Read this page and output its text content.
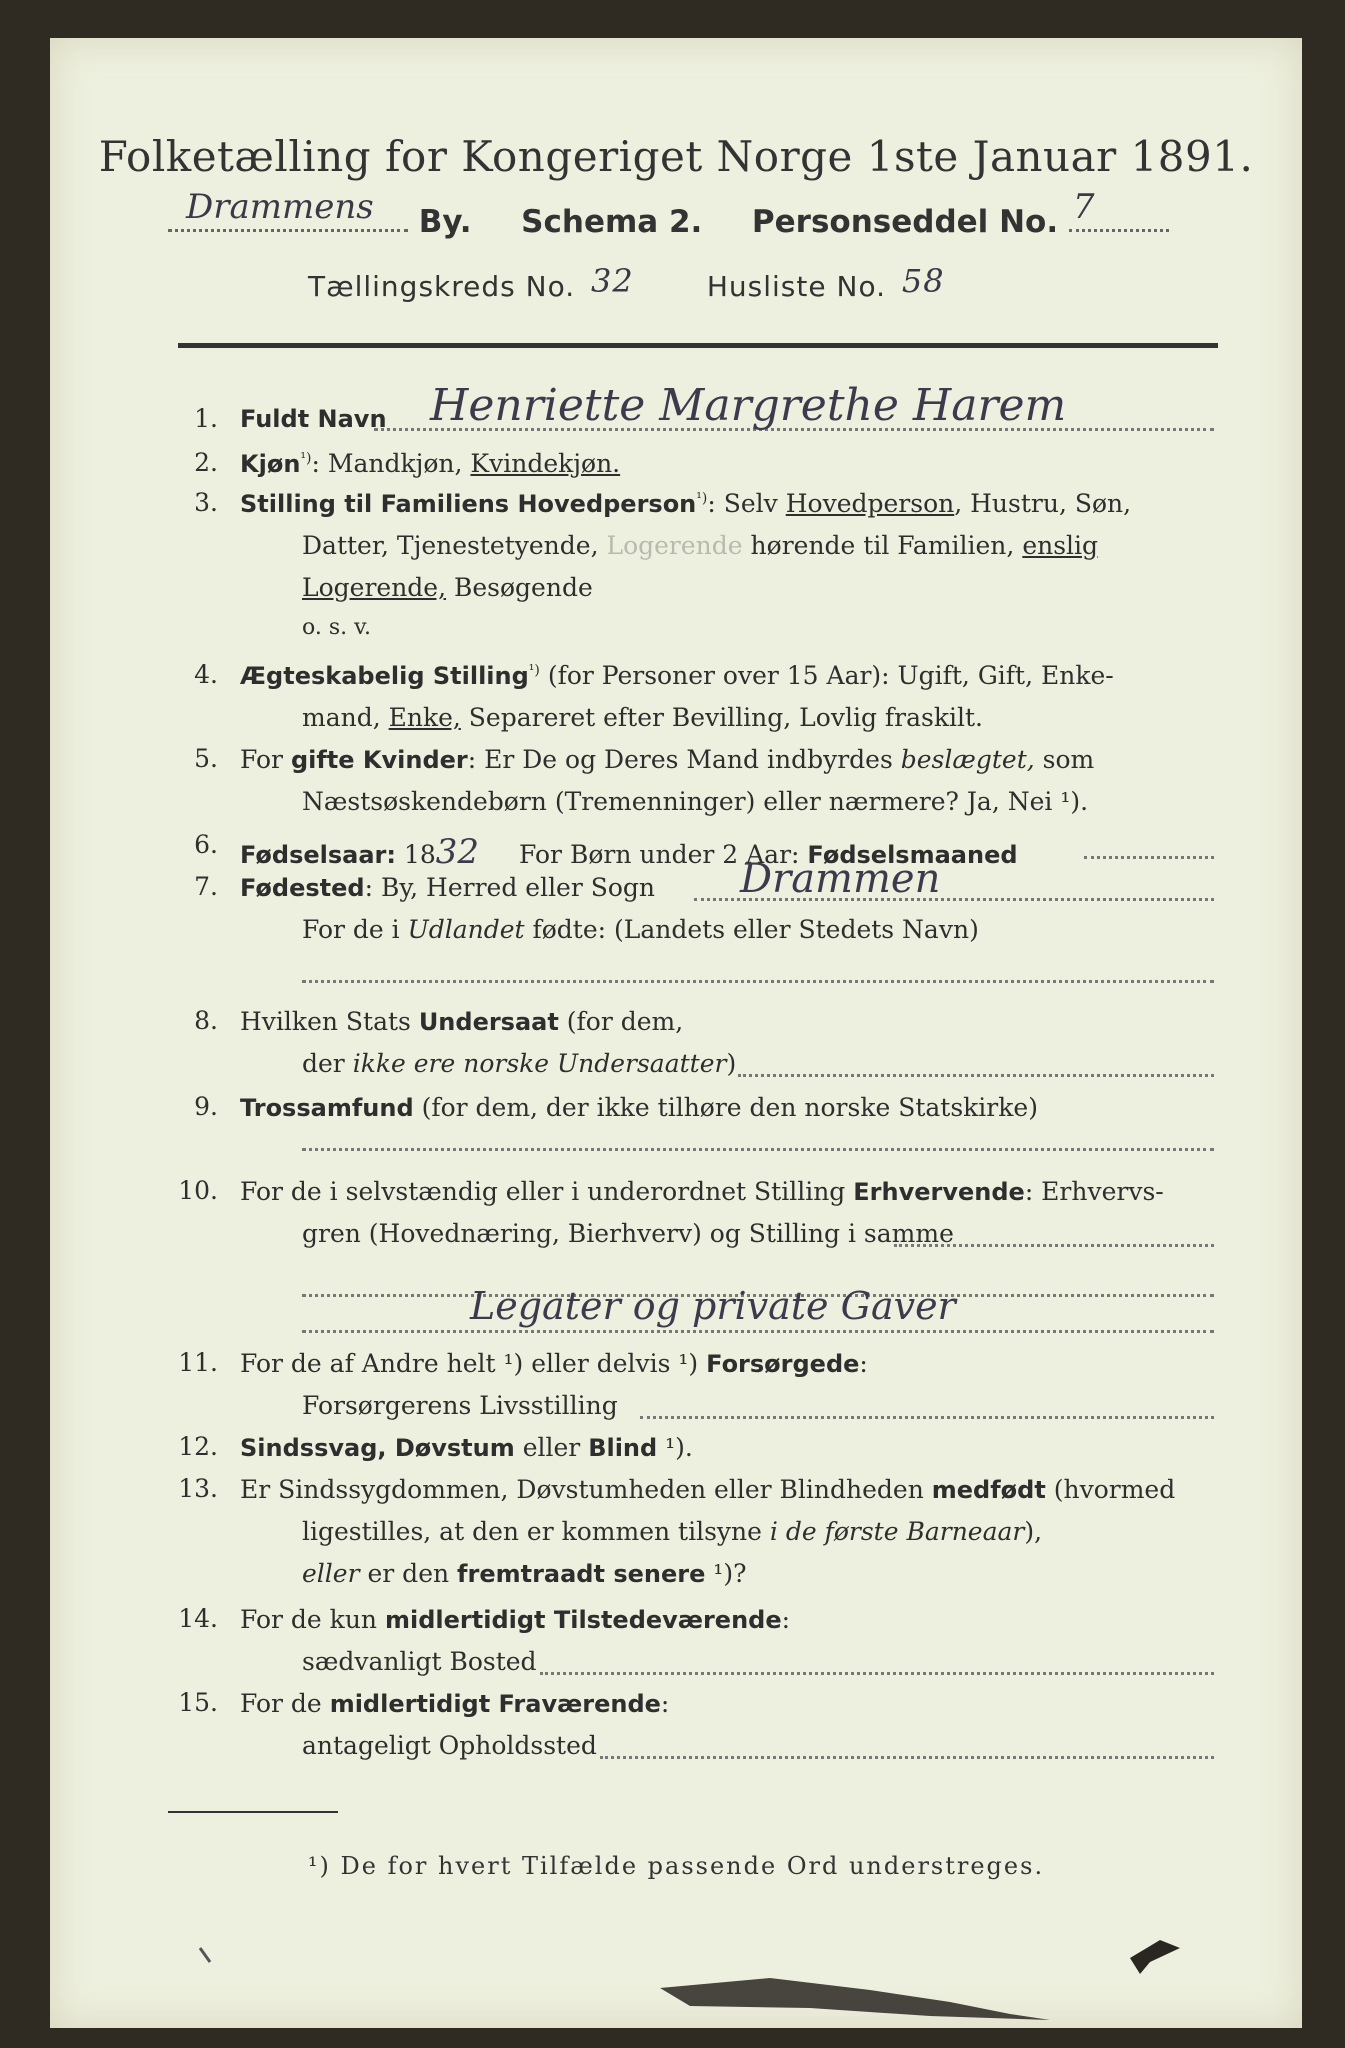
Folketælling for Kongeriget Norge 1ste Januar 1891.
Drammens By. Schema 2. Personseddel No. 7
Tællingskreds No. 32	Husliste No. 58
1. Fuldt Navn Henriette Margrethe Harem
2. Kjøn$^{^1)}$: Mandkjøn, Kvindekjøn.
3. Stilling til Familiens Hovedperson$^{^1)}$: Selv Hovedperson, Hustru, Søn,
Datter, Tjenestetyende, Logerende hørende til Familien, enslig
Logerende, Besøgende
o. s. v.
4. Ægteskabelig Stilling$^{^1)}$ (for Personer over 15 Aar): Ugift, Gift, Enke-
mand, Enke, Separeret efter Bevilling, Lovlig fraskilt.
5. For gifte Kvinder: Er De og Deres Mand indbyrdes beslægtet, som
Næstsøskendebørn (Tremenninger) eller nærmere? Ja, Nei ¹).
6. Fødselsaar: 1832 For Børn under 2 Aar: Fødselsmaaned
7. Fødested: By, Herred eller Sogn Drammen
For de i Udlandet fødte: (Landets eller Stedets Navn)
8. Hvilken Stats Undersaat (for dem,
der ikke ere norske Undersaatter)
9. Trossamfund (for dem, der ikke tilhøre den norske Statskirke)
10. For de i selvstændig eller i underordnet Stilling Erhvervende: Erhvervs-
gren (Hovednæring, Bierhverv) og Stilling i samme
Legater og private Gaver
11. For de af Andre helt ¹) eller delvis ¹) Forsørgede:
Forsørgerens Livsstilling
12. Sindssvag, Døvstum eller Blind ¹).
13. Er Sindssygdommen, Døvstumheden eller Blindheden medfødt (hvormed
ligestilles, at den er kommen tilsyne i de første Barneaar),
eller er den fremtraadt senere ¹)?
14. For de kun midlertidigt Tilstedeværende:
sædvanligt Bosted
15. For de midlertidigt Fraværende:
antageligt Opholdssted
¹) De for hvert Tilfælde passende Ord understreges.
